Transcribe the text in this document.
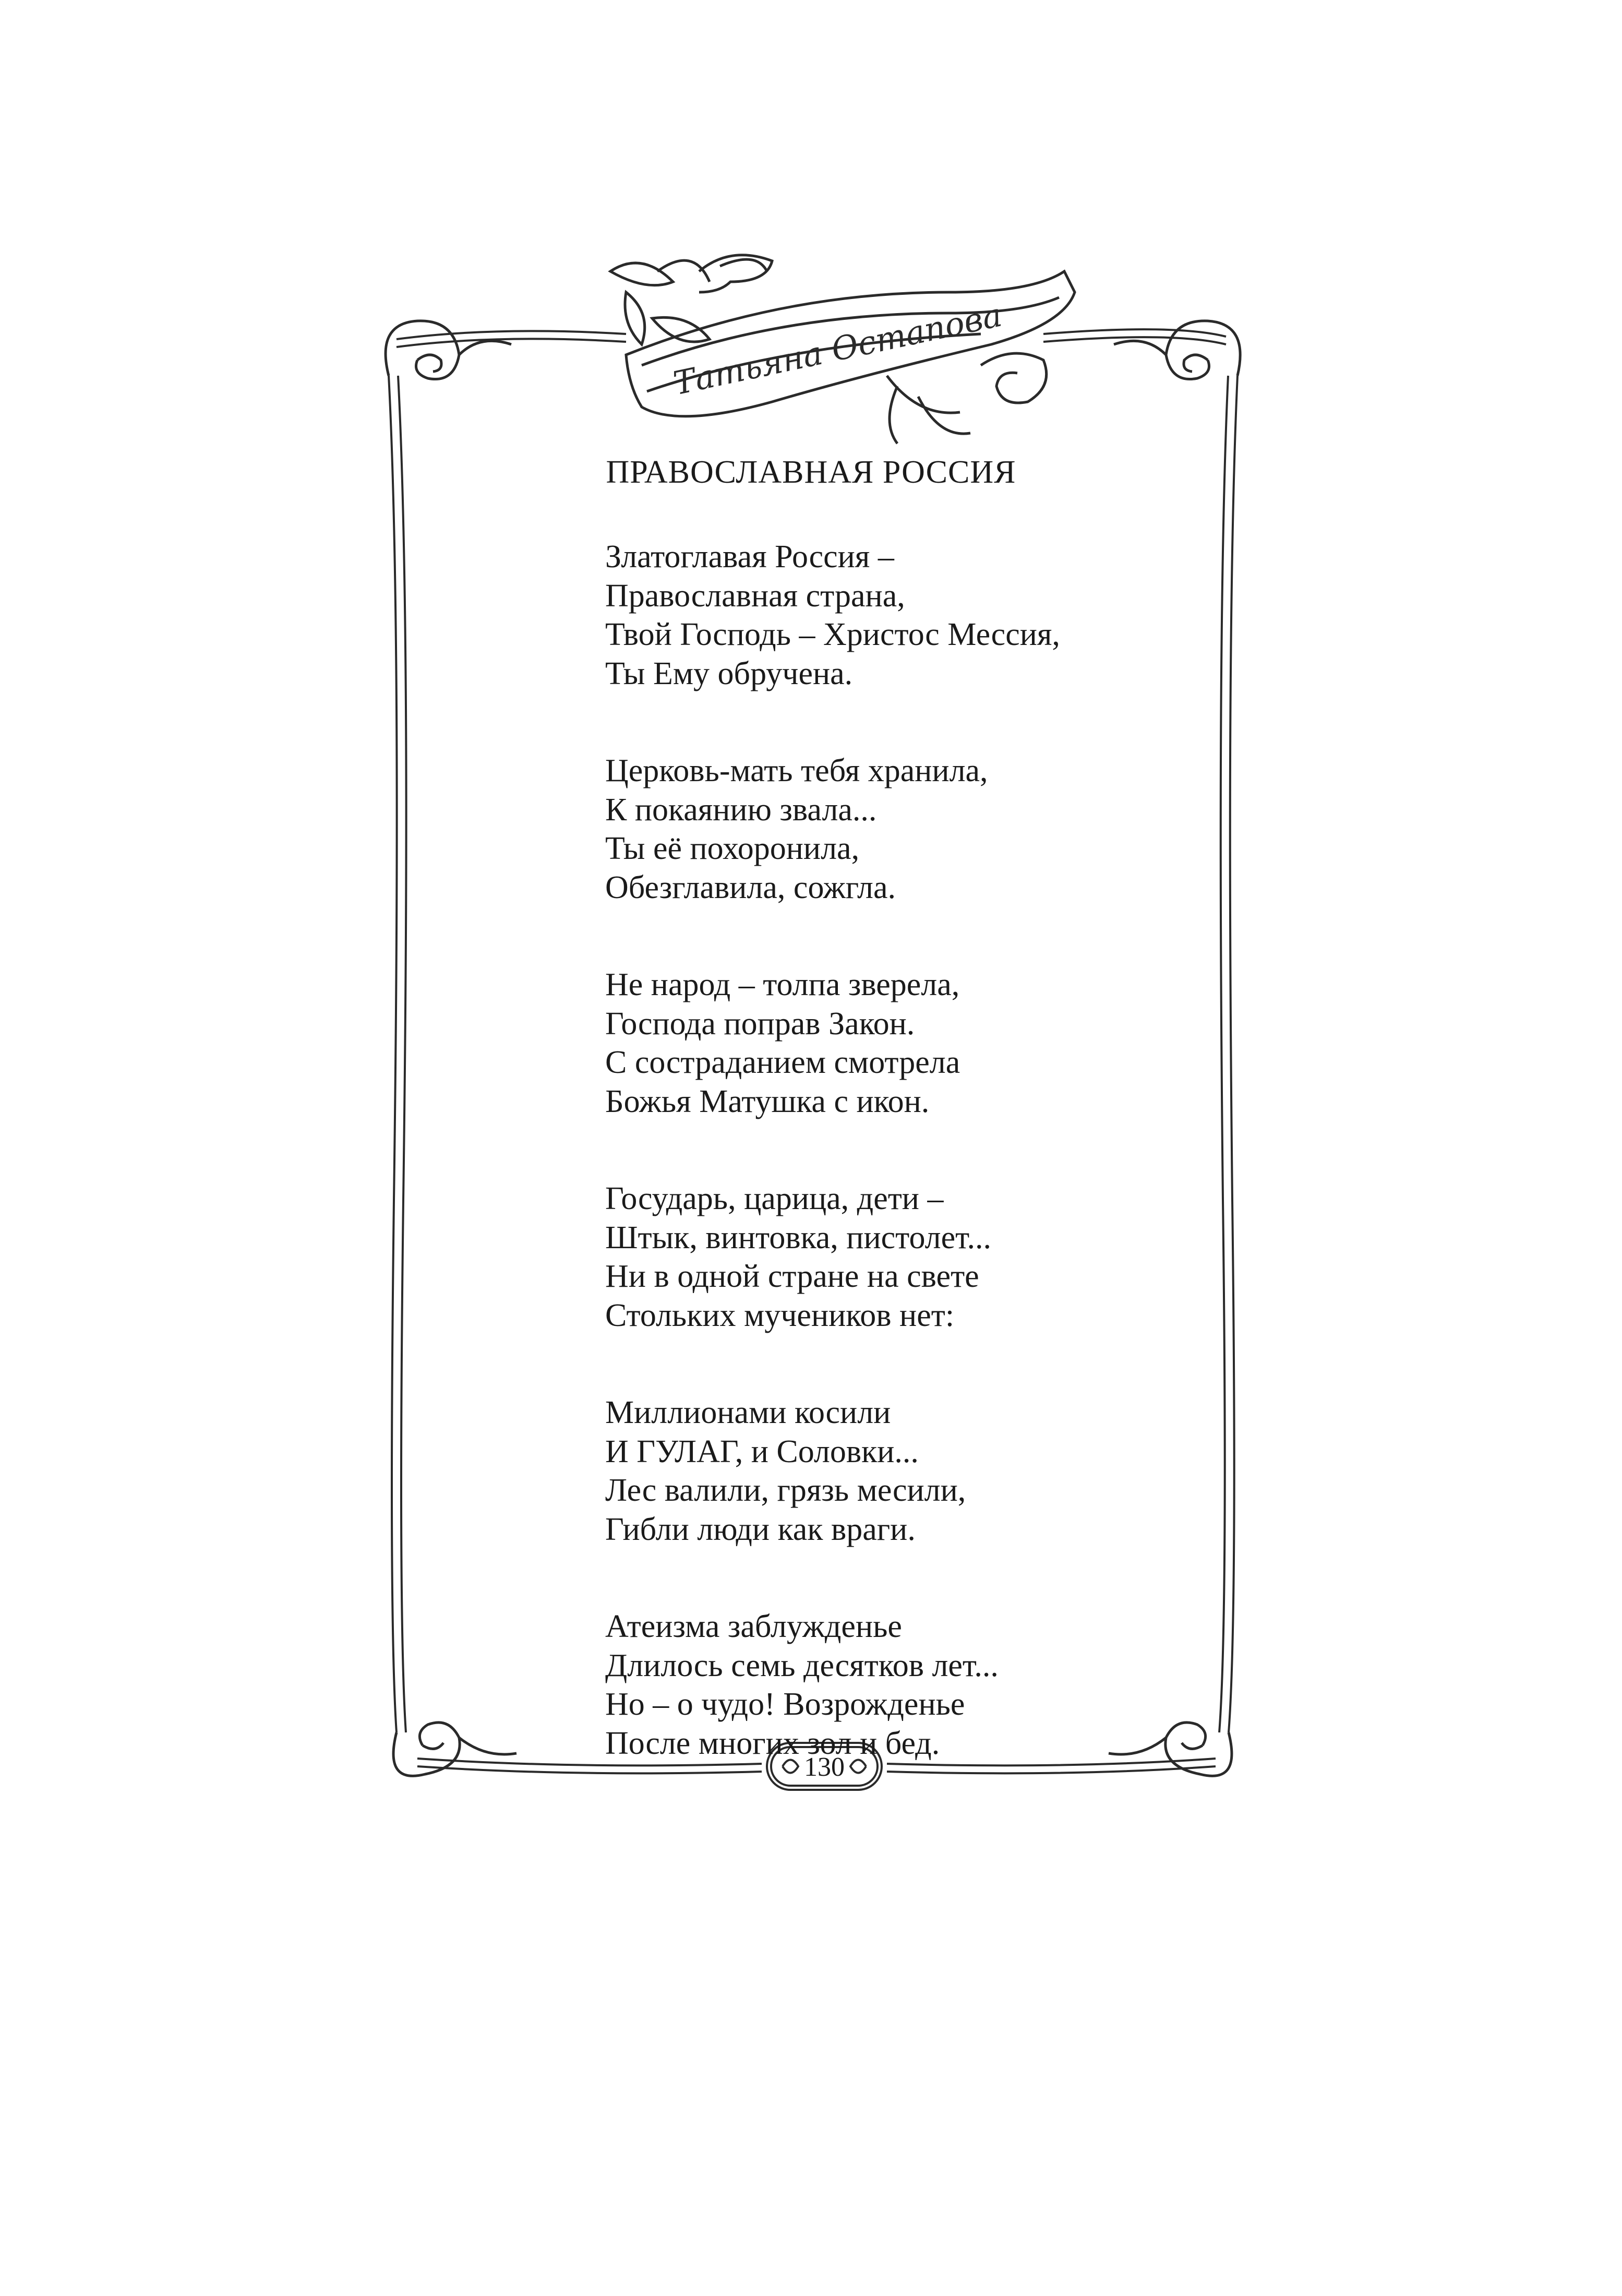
Татьяна Остапова
130
ПРАВОСЛАВНАЯ РОССИЯ
Златоглавая Россия –
Православная страна,
Твой Господь – Христос Мессия,
Ты Ему обручена.
Церковь-мать тебя хранила,
К покаянию звала...
Ты её похоронила,
Обезглавила, сожгла.
Не народ – толпа зверела,
Господа поправ Закон.
С состраданием смотрела
Божья Матушка с икон.
Государь, царица, дети –
Штык, винтовка, пистолет...
Ни в одной стране на свете
Стольких мучеников нет:
Миллионами косили
И ГУЛАГ, и Соловки...
Лес валили, грязь месили,
Гибли люди как враги.
Атеизма заблужденье
Длилось семь десятков лет...
Но – о чудо! Возрожденье
После многих зол и бед.
